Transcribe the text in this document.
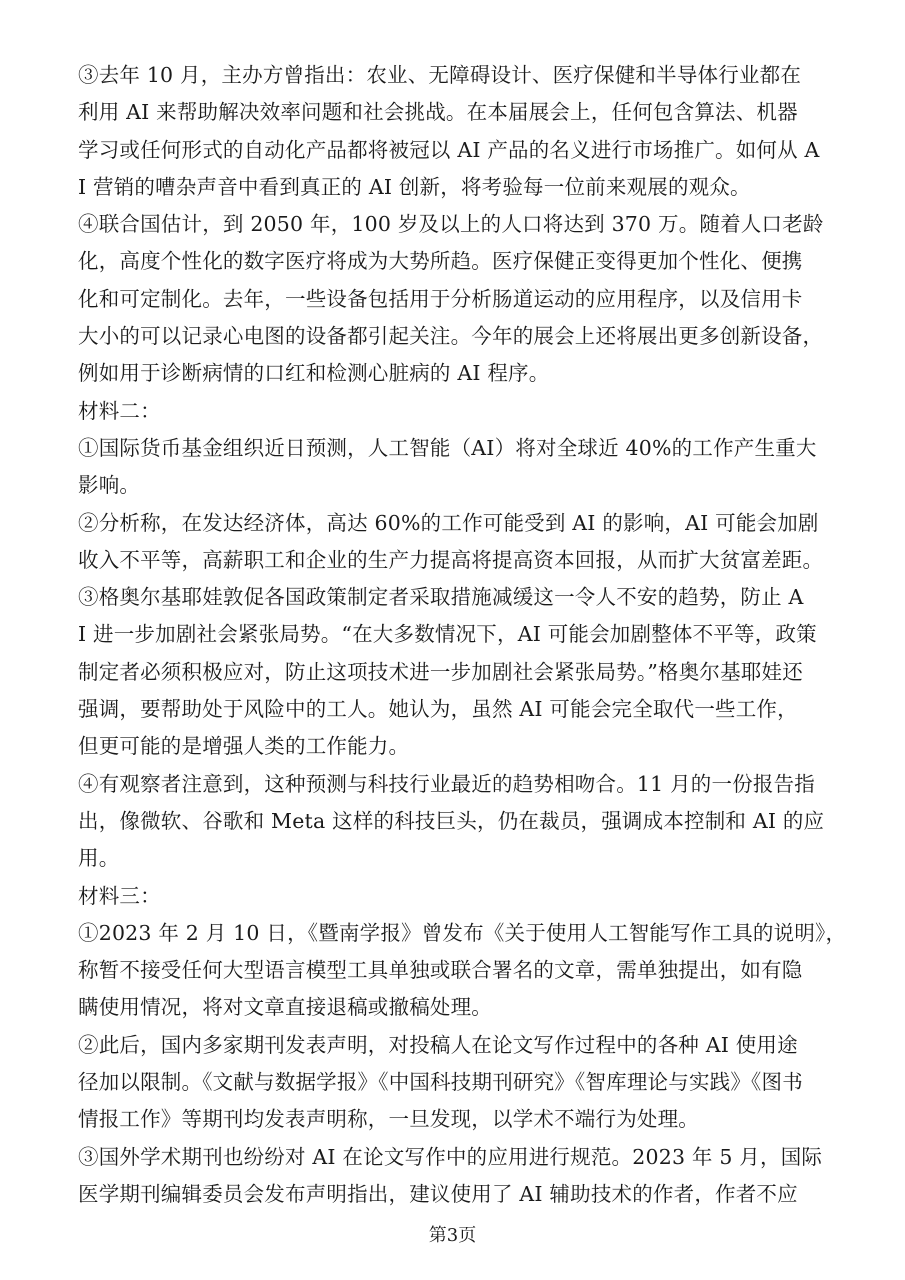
③去年 10 月，主办方曾指出：农业、无障碍设计、医疗保健和半导体行业都在
利用 AI 来帮助解决效率问题和社会挑战。在本届展会上，任何包含算法、机器
学习或任何形式的自动化产品都将被冠以 AI 产品的名义进行市场推广。如何从 A
I 营销的嘈杂声音中看到真正的 AI 创新，将考验每一位前来观展的观众。
④联合国估计，到 2050 年，100 岁及以上的人口将达到 370 万。随着人口老龄
化，高度个性化的数字医疗将成为大势所趋。医疗保健正变得更加个性化、便携
化和可定制化。去年，一些设备包括用于分析肠道运动的应用程序，以及信用卡
大小的可以记录心电图的设备都引起关注。今年的展会上还将展出更多创新设备，
例如用于诊断病情的口红和检测心脏病的 AI 程序。
材料二：
①国际货币基金组织近日预测，人工智能（AI）将对全球近 40%的工作产生重大
影响。
②分析称，在发达经济体，高达 60%的工作可能受到 AI 的影响，AI 可能会加剧
收入不平等，高薪职工和企业的生产力提高将提高资本回报，从而扩大贫富差距。
③格奥尔基耶娃敦促各国政策制定者采取措施减缓这一令人不安的趋势，防止 A
I 进一步加剧社会紧张局势。“在大多数情况下，AI 可能会加剧整体不平等，政策
制定者必须积极应对，防止这项技术进一步加剧社会紧张局势。”格奥尔基耶娃还
强调，要帮助处于风险中的工人。她认为，虽然 AI 可能会完全取代一些工作，
但更可能的是增强人类的工作能力。
④有观察者注意到，这种预测与科技行业最近的趋势相吻合。11 月的一份报告指
出，像微软、谷歌和 Meta 这样的科技巨头，仍在裁员，强调成本控制和 AI 的应
用。
材料三：
①2023 年 2 月 10 日，《暨南学报》曾发布《关于使用人工智能写作工具的说明》，
称暂不接受任何大型语言模型工具单独或联合署名的文章，需单独提出，如有隐
瞒使用情况，将对文章直接退稿或撤稿处理。
②此后，国内多家期刊发表声明，对投稿人在论文写作过程中的各种 AI 使用途
径加以限制。《文献与数据学报》《中国科技期刊研究》《智库理论与实践》《图书
情报工作》等期刊均发表声明称，一旦发现，以学术不端行为处理。
③国外学术期刊也纷纷对 AI 在论文写作中的应用进行规范。2023 年 5 月，国际
医学期刊编辑委员会发布声明指出，建议使用了 AI 辅助技术的作者，作者不应
第3页
